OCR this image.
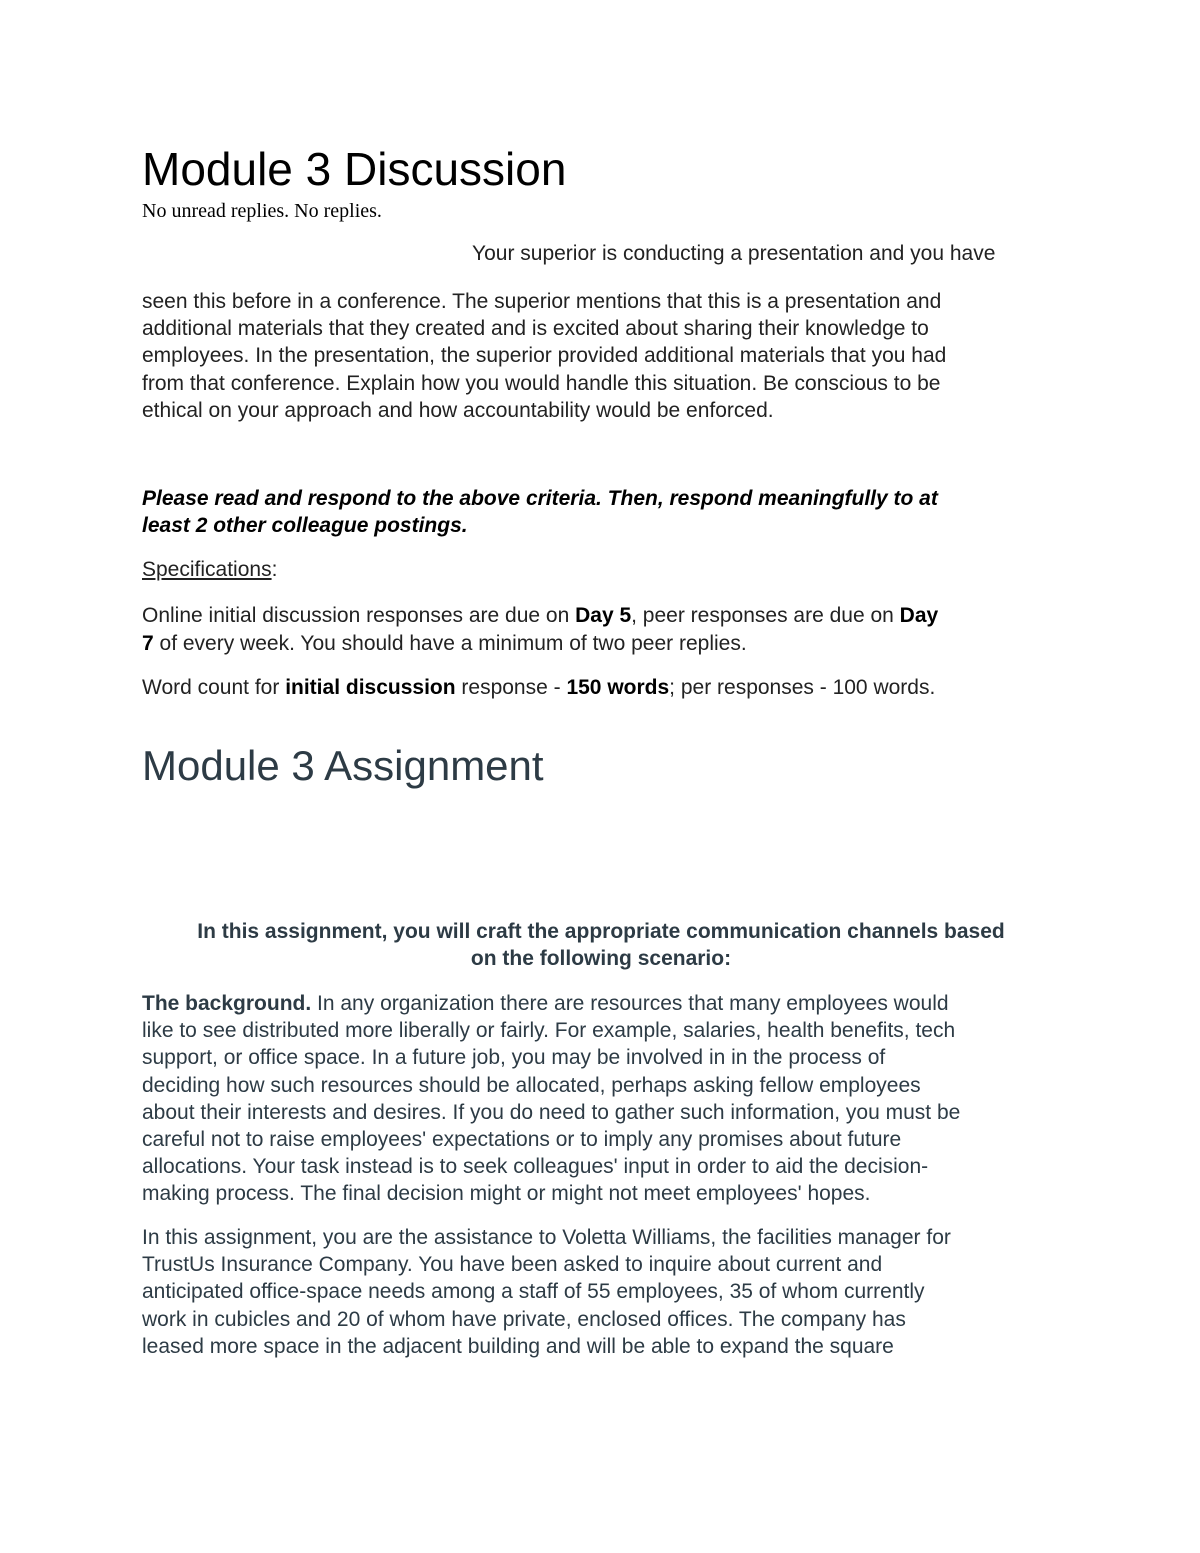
Module 3 Discussion
No unread replies. No replies.
Your superior is conducting a presentation and you have
seen this before in a conference. The superior mentions that this is a presentation and
additional materials that they created and is excited about sharing their knowledge to
employees. In the presentation, the superior provided additional materials that you had
from that conference. Explain how you would handle this situation. Be conscious to be
ethical on your approach and how accountability would be enforced.
Please read and respond to the above criteria. Then, respond meaningfully to at
least 2 other colleague postings.
Specifications:
Online initial discussion responses are due on Day 5, peer responses are due on Day
7 of every week. You should have a minimum of two peer replies.
Word count for initial discussion response - 150 words; per responses - 100 words.
Module 3 Assignment
In this assignment, you will craft the appropriate communication channels based
on the following scenario:
The background. In any organization there are resources that many employees would
like to see distributed more liberally or fairly. For example, salaries, health benefits, tech
support, or office space. In a future job, you may be involved in in the process of
deciding how such resources should be allocated, perhaps asking fellow employees
about their interests and desires. If you do need to gather such information, you must be
careful not to raise employees' expectations or to imply any promises about future
allocations. Your task instead is to seek colleagues' input in order to aid the decision-
making process. The final decision might or might not meet employees' hopes.
In this assignment, you are the assistance to Voletta Williams, the facilities manager for
TrustUs Insurance Company. You have been asked to inquire about current and
anticipated office-space needs among a staff of 55 employees, 35 of whom currently
work in cubicles and 20 of whom have private, enclosed offices. The company has
leased more space in the adjacent building and will be able to expand the square
